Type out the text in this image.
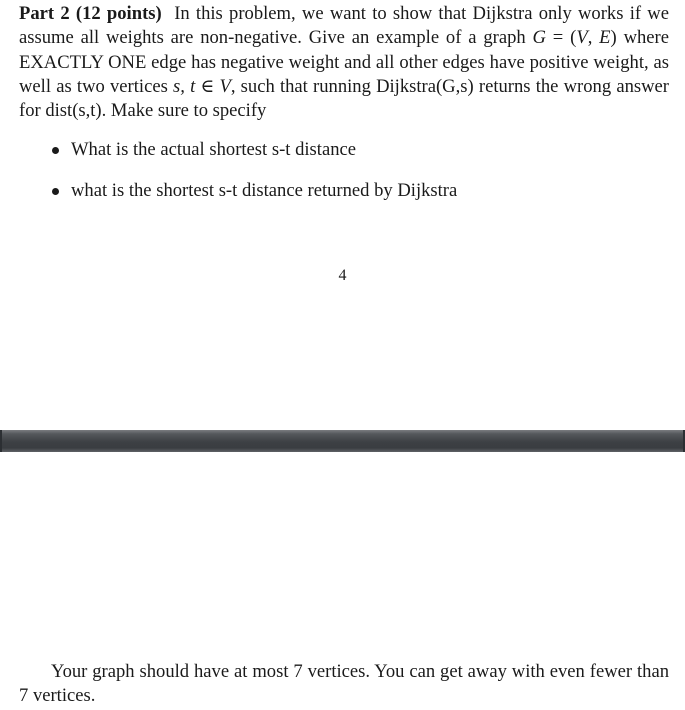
Part 2 (12 points) In this problem, we want to show that Dijkstra only works if we assume all weights are non-negative. Give an example of a graph G = (V, E) where EXACTLY ONE edge has negative weight and all other edges have positive weight, as well as two vertices s, t ∈ V, such that running Dijkstra(G,s) returns the wrong answer for dist(s,t). Make sure to specify

What is the actual shortest s-t distance
what is the shortest s-t distance returned by Dijkstra
4

Your graph should have at most 7 vertices. You can get away with even fewer than 7 vertices.
